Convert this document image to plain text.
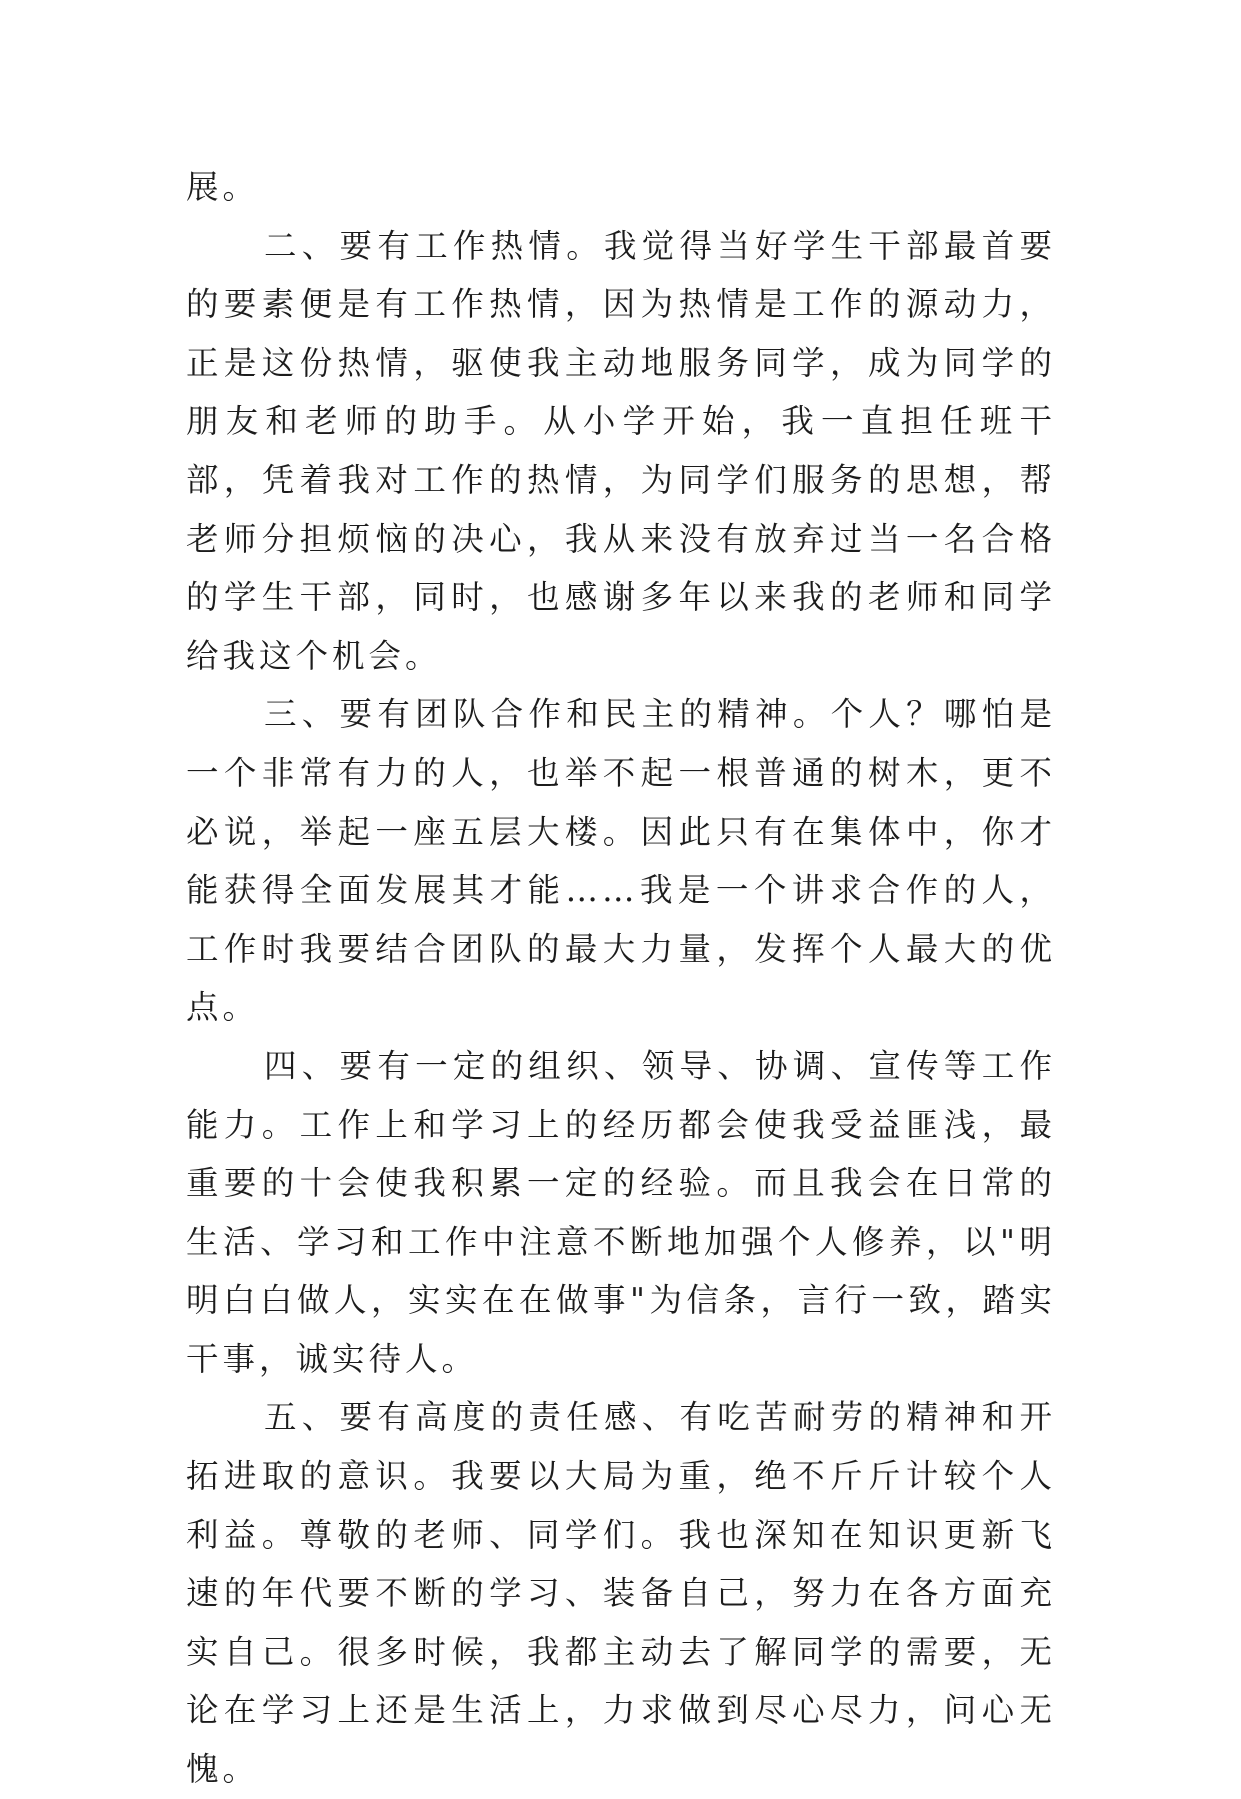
展。

二、要有工作热情。我觉得当好学生干部最首要的要素便是有工作热情，因为热情是工作的源动力，正是这份热情，驱使我主动地服务同学，成为同学的朋友和老师的助手。从小学开始，我一直担任班干部，凭着我对工作的热情，为同学们服务的思想，帮老师分担烦恼的决心，我从来没有放弃过当一名合格的学生干部，同时，也感谢多年以来我的老师和同学给我这个机会。

三、要有团队合作和民主的精神。个人？哪怕是一个非常有力的人，也举不起一根普通的树木，更不必说，举起一座五层大楼。因此只有在集体中，你才能获得全面发展其才能……我是一个讲求合作的人，工作时我要结合团队的最大力量，发挥个人最大的优点。

四、要有一定的组织、领导、协调、宣传等工作能力。工作上和学习上的经历都会使我受益匪浅，最重要的十会使我积累一定的经验。而且我会在日常的生活、学习和工作中注意不断地加强个人修养，以"明明白白做人，实实在在做事"为信条，言行一致，踏实干事，诚实待人。

五、要有高度的责任感、有吃苦耐劳的精神和开拓进取的意识。我要以大局为重，绝不斤斤计较个人利益。尊敬的老师、同学们。我也深知在知识更新飞速的年代要不断的学习、装备自己，努力在各方面充实自己。很多时候，我都主动去了解同学的需要，无论在学习上还是生活上，力求做到尽心尽力，问心无愧。
